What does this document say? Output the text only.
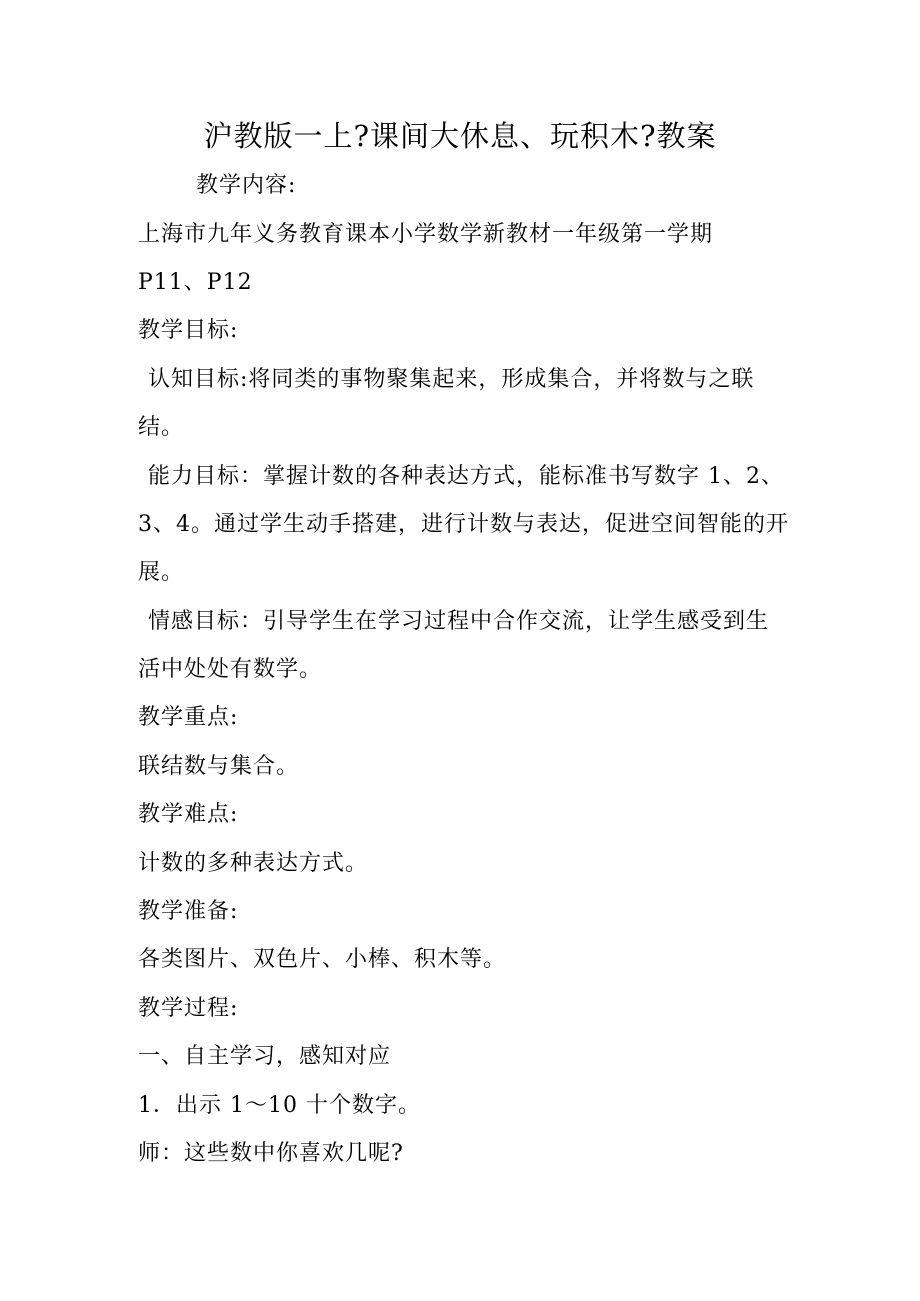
沪教版一上?课间大休息、玩积木?教案
教学内容:
上海市九年义务教育课本小学数学新教材一年级第一学期
P11、P12
教学目标:
认知目标:将同类的事物聚集起来，形成集合，并将数与之联
结。
能力目标：掌握计数的各种表达方式，能标准书写数字 1、2、
3、4。通过学生动手搭建，进行计数与表达，促进空间智能的开
展。
情感目标：引导学生在学习过程中合作交流，让学生感受到生
活中处处有数学。
教学重点:
联结数与集合。
教学难点:
计数的多种表达方式。
教学准备:
各类图片、双色片、小棒、积木等。
教学过程:
一、自主学习，感知对应
1．出示 1～10 十个数字。
师：这些数中你喜欢几呢?
